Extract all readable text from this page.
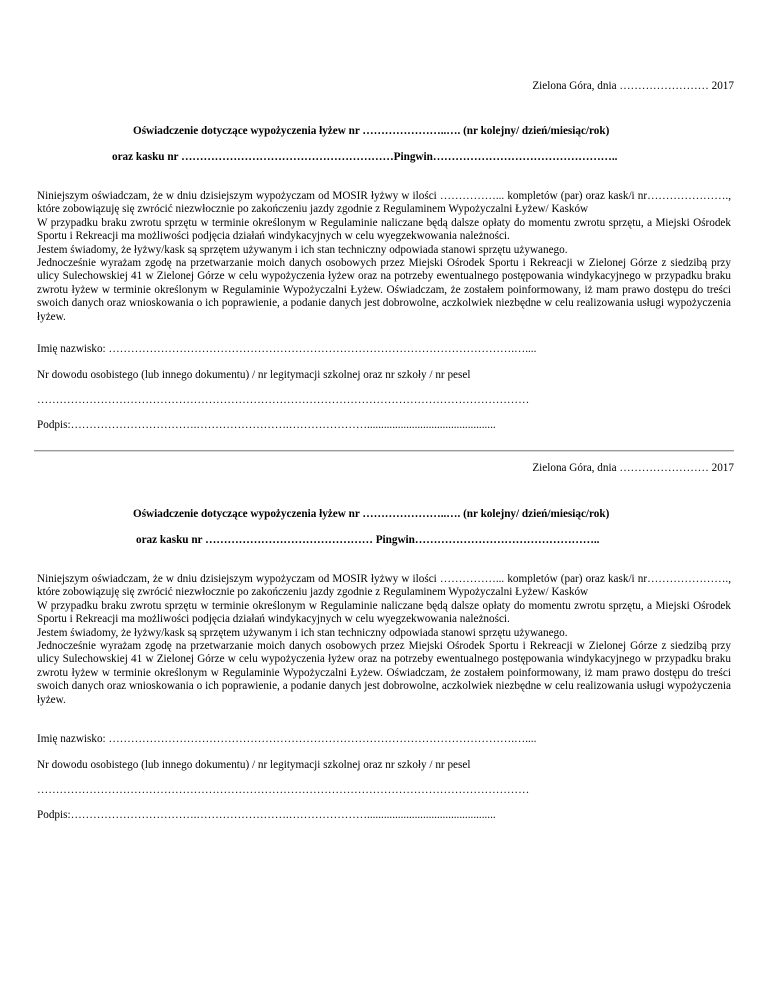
Zielona Góra, dnia …………………… 2017
Oświadczenie dotyczące wypożyczenia łyżew nr …………………..…. (nr kolejny/ dzień/miesiąc/rok)
oraz kasku nr …………………………………………………Pingwin…………………………………………..

Niniejszym oświadczam, że w dniu dzisiejszym wypożyczam od MOSIR łyżwy w ilości ……………... kompletów (par) oraz kask/i nr…………………., które zobowiązuję się zwrócić niezwłocznie po zakończeniu jazdy zgodnie z Regulaminem Wypożyczalni Łyżew/ Kasków

W przypadku braku zwrotu sprzętu w terminie określonym w Regulaminie naliczane będą dalsze opłaty do momentu zwrotu sprzętu, a Miejski Ośrodek Sportu i Rekreacji ma możliwości podjęcia działań windykacyjnych w celu wyegzekwowania należności.

Jestem świadomy, że łyżwy/kask są sprzętem używanym i ich stan techniczny odpowiada stanowi sprzętu używanego.

Jednocześnie wyrażam zgodę na przetwarzanie moich danych osobowych przez Miejski Ośrodek Sportu i Rekreacji w Zielonej Górze z siedzibą przy ulicy Sulechowskiej 41 w Zielonej Górze w celu wypożyczenia łyżew oraz na potrzeby ewentualnego postępowania windykacyjnego w przypadku braku zwrotu łyżew w terminie określonym w Regulaminie Wypożyczalni Łyżew. Oświadczam, że zostałem poinformowany, iż mam prawo dostępu do treści swoich danych oraz wnioskowania o ich poprawienie, a podanie danych jest dobrowolne, aczkolwiek niezbędne w celu realizowania usługi wypożyczenia łyżew.

Imię nazwisko: ……………………………………………………………………………………………….…....
Nr dowodu osobistego (lub innego dokumentu) / nr legitymacji szkolnej oraz nr szkoły / nr pesel
……………………………………………………………………………………………………………………
Podpis:…………………………….…………………….…………………..............................................
Zielona Góra, dnia …………………… 2017
Oświadczenie dotyczące wypożyczenia łyżew nr …………………..…. (nr kolejny/ dzień/miesiąc/rok)
oraz kasku nr ……………………………………… Pingwin…………………………………………..

Niniejszym oświadczam, że w dniu dzisiejszym wypożyczam od MOSIR łyżwy w ilości ……………... kompletów (par) oraz kask/i nr…………………., które zobowiązuję się zwrócić niezwłocznie po zakończeniu jazdy zgodnie z Regulaminem Wypożyczalni Łyżew/ Kasków

W przypadku braku zwrotu sprzętu w terminie określonym w Regulaminie naliczane będą dalsze opłaty do momentu zwrotu sprzętu, a Miejski Ośrodek Sportu i Rekreacji ma możliwości podjęcia działań windykacyjnych w celu wyegzekwowania należności.

Jestem świadomy, że łyżwy/kask są sprzętem używanym i ich stan techniczny odpowiada stanowi sprzętu używanego.

Jednocześnie wyrażam zgodę na przetwarzanie moich danych osobowych przez Miejski Ośrodek Sportu i Rekreacji w Zielonej Górze z siedzibą przy ulicy Sulechowskiej 41 w Zielonej Górze w celu wypożyczenia łyżew oraz na potrzeby ewentualnego postępowania windykacyjnego w przypadku braku zwrotu łyżew w terminie określonym w Regulaminie Wypożyczalni Łyżew. Oświadczam, że zostałem poinformowany, iż mam prawo dostępu do treści swoich danych oraz wnioskowania o ich poprawienie, a podanie danych jest dobrowolne, aczkolwiek niezbędne w celu realizowania usługi wypożyczenia łyżew.

Imię nazwisko: ……………………………………………………………………………………………….…....
Nr dowodu osobistego (lub innego dokumentu) / nr legitymacji szkolnej oraz nr szkoły / nr pesel
……………………………………………………………………………………………………………………
Podpis:…………………………….…………………….…………………..............................................
